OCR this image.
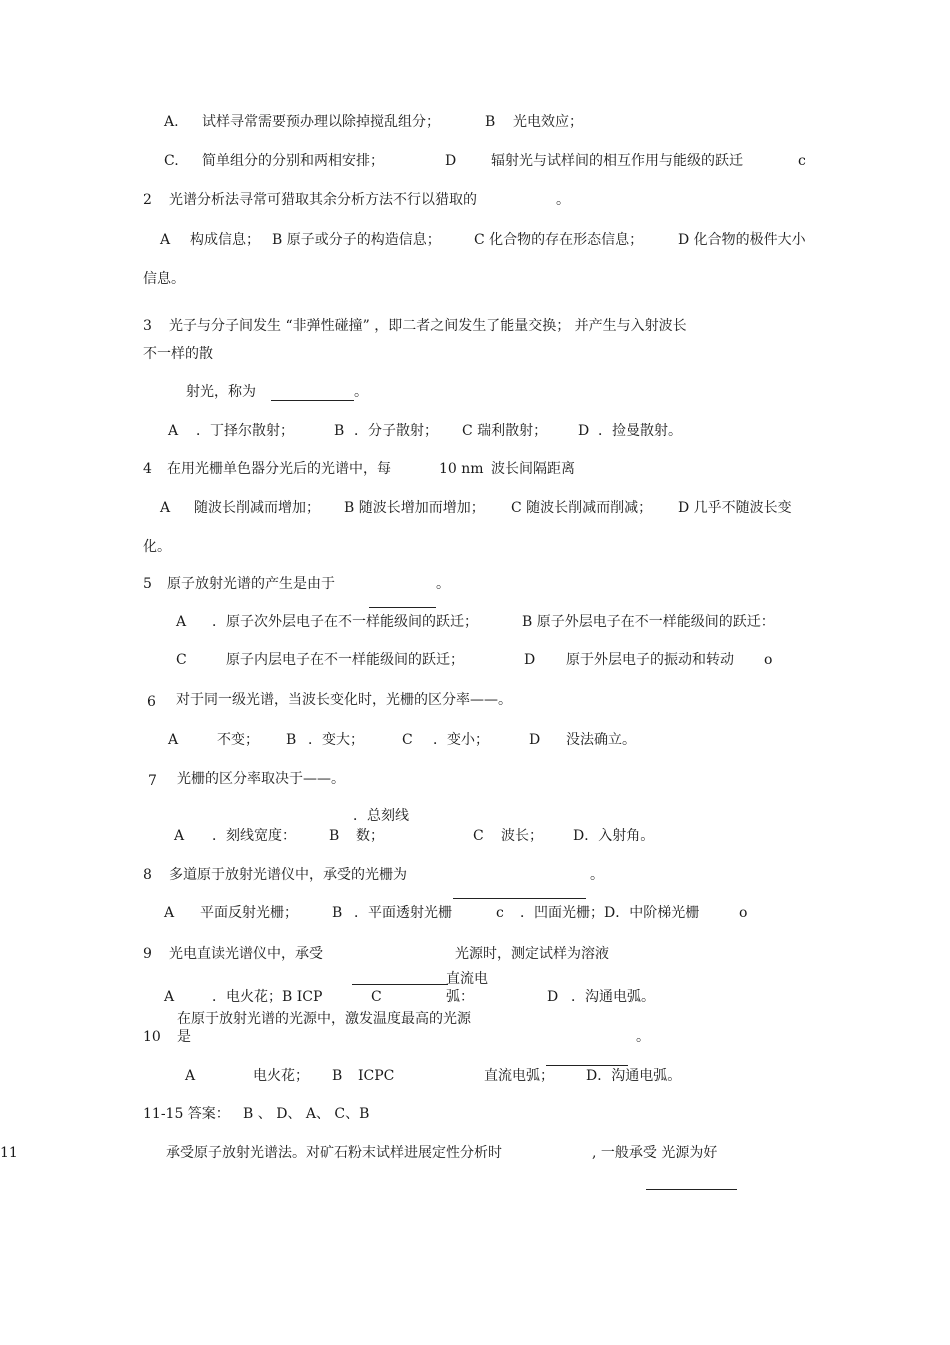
A. 试样寻常需要预办理以除掉搅乱组分；	B 光电效应；
C. 简单组分的分别和两相安排；	D 辐射光与试样间的相互作用与能级的跃迁	c
2 光谱分析法寻常可猎取其余分析方法不行以猎取的	。
A 构成信息； B 原子或分子的构造信息； C 化合物的存在形态信息； D 化合物的极件大小
信息。
3 光子与分子间发生 “非弹性碰撞” ，即二者之间发生了能量交换； 并产生与入射波长
不一样的散
射光，称为	。
A ．丁择尔散射；	B ．分子散射； C 瑞利散射； D ．捡曼散射。
4 在用光栅单色器分光后的光谱中，每	10 nm 波长间隔距离
A 随波长削减而增加； B 随波长增加而增加； C 随波长削减而削减； D 几乎不随波长变
化。
5 原子放射光谱的产生是由于	。
A ．原子次外层电子在不一样能级间的跃迁；	B 原子外层电子在不一样能级间的跃迁：
C	原子内层电子在不一样能级间的跃迁；	D 原于外层电子的振动和转动 o
6 对于同一级光谱，当波长变化时，光栅的区分率——。
A	不变； B ．变大；	C ．变小；	D 没法确立。
7 光栅的区分率取决于——。
A ．刻线宽度： B
．总刻线
数；	C 波长； D．入射角。
8 多道原于放射光谱仪中，承受的光栅为	。
A 平面反射光栅； B ．平面透射光栅	c ．凹面光栅；D．中阶梯光栅	o
9 光电直读光谱仪中，承受	光源时，测定试样为溶液
A	．电火花；B ICP	C
直流电
弧：	D ．沟通电弧。
在原于放射光谱的光源中，激发温度最高的光源
10 是	。
A	电火花； B ICPC	直流电弧； D．沟通电弧。
11-15 答案： B 、 D、 A、 C、B
11	承受原子放射光谱法。对矿石粉末试样进展定性分析时	, 一般承受 光源为好
